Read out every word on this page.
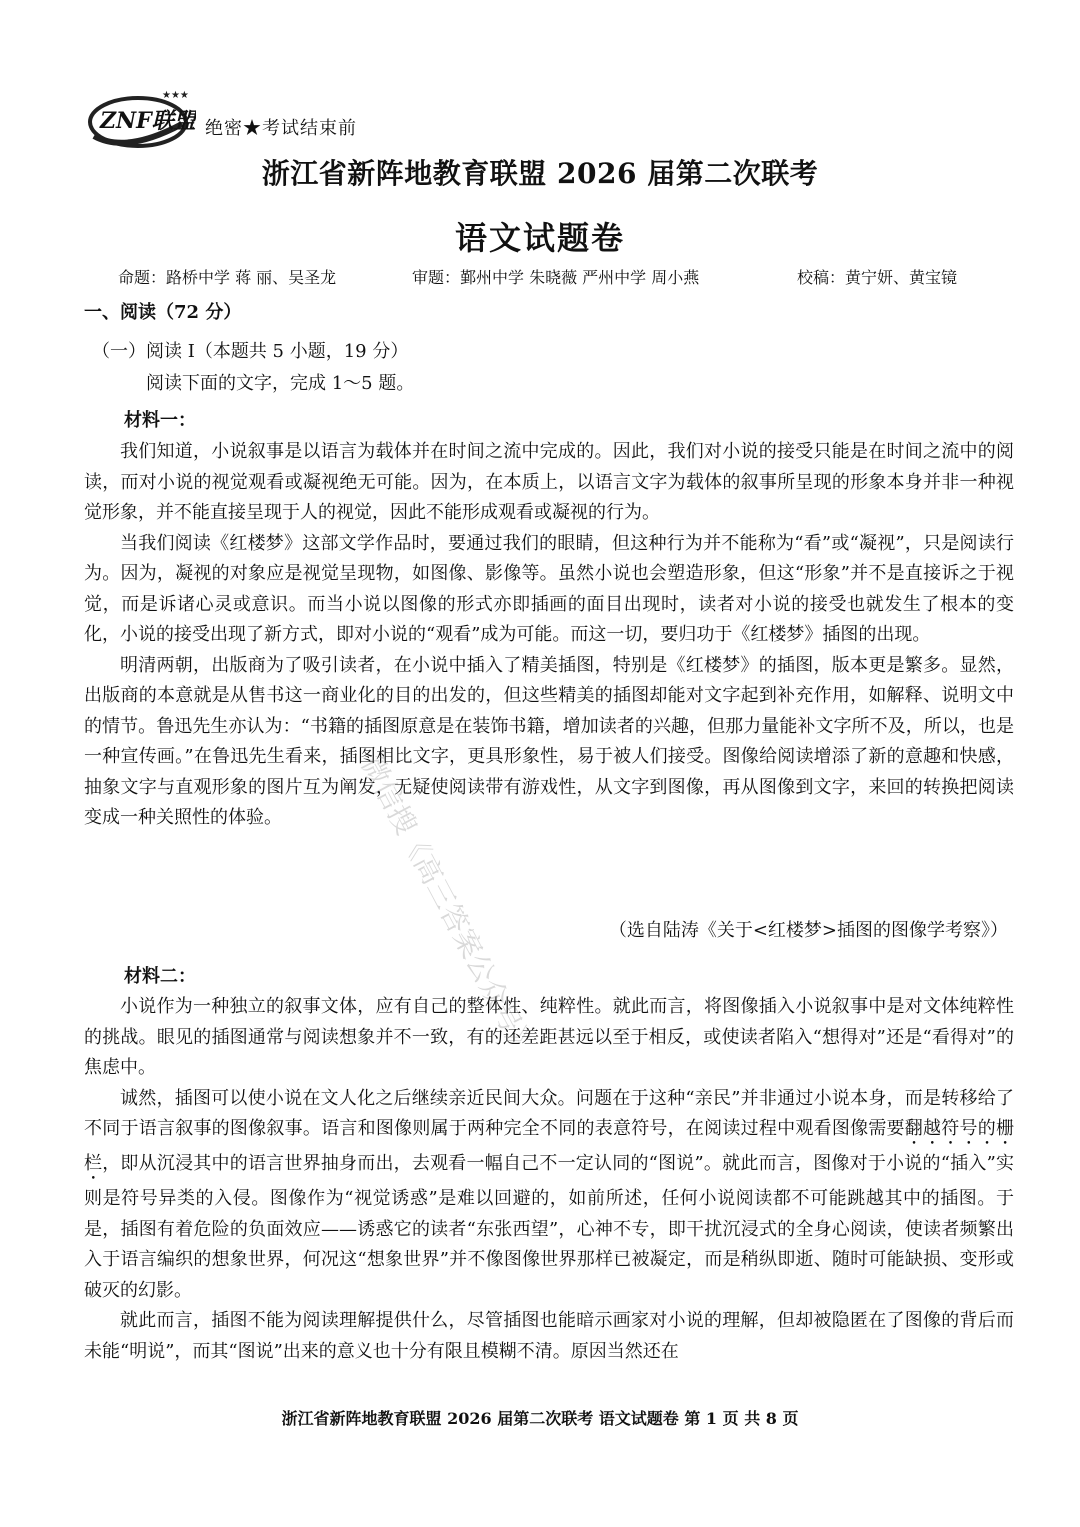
★★★
ZNF联盟 绝密★考试结束前
浙江省新阵地教育联盟 2026 届第二次联考
语文试题卷
命题：路桥中学 蒋 丽、吴圣龙	审题：鄞州中学 朱晓薇 严州中学 周小燕	校稿：黄宁妍、黄宝镜
一、阅读（72 分）
（一）阅读 I（本题共 5 小题，19 分）
阅读下面的文字，完成 1～5 题。
材料一：

我们知道，小说叙事是以语言为载体并在时间之流中完成的。因此，我们对小说的接受只能是在时间之流中的阅读，而对小说的视觉观看或凝视绝无可能。因为，在本质上，以语言文字为载体的叙事所呈现的形象本身并非一种视觉形象，并不能直接呈现于人的视觉，因此不能形成观看或凝视的行为。

当我们阅读《红楼梦》这部文学作品时，要通过我们的眼睛，但这种行为并不能称为“看”或“凝视”，只是阅读行为。因为，凝视的对象应是视觉呈现物，如图像、影像等。虽然小说也会塑造形象，但这“形象”并不是直接诉之于视觉，而是诉诸心灵或意识。而当小说以图像的形式亦即插画的面目出现时，读者对小说的接受也就发生了根本的变化，小说的接受出现了新方式，即对小说的“观看”成为可能。而这一切，要归功于《红楼梦》插图的出现。

明清两朝，出版商为了吸引读者，在小说中插入了精美插图，特别是《红楼梦》的插图，版本更是繁多。显然，出版商的本意就是从售书这一商业化的目的出发的，但这些精美的插图却能对文字起到补充作用，如解释、说明文中的情节。鲁迅先生亦认为：“书籍的插图原意是在装饰书籍，增加读者的兴趣，但那力量能补文字所不及，所以，也是一种宣传画。”在鲁迅先生看来，插图相比文字，更具形象性，易于被人们接受。图像给阅读增添了新的意趣和快感，抽象文字与直观形象的图片互为阐发，无疑使阅读带有游戏性，从文字到图像，再从图像到文字，来回的转换把阅读变成一种关照性的体验。

（选自陆涛《关于<红楼梦>插图的图像学考察》）
材料二：

小说作为一种独立的叙事文体，应有自己的整体性、纯粹性。就此而言，将图像插入小说叙事中是对文体纯粹性的挑战。眼见的插图通常与阅读想象并不一致，有的还差距甚远以至于相反，或使读者陷入“想得对”还是“看得对”的焦虑中。

诚然，插图可以使小说在文人化之后继续亲近民间大众。问题在于这种“亲民”并非通过小说本身，而是转移给了不同于语言叙事的图像叙事。语言和图像则属于两种完全不同的表意符号，在阅读过程中观看图像需要翻越符号的栅栏，即从沉浸其中的语言世界抽身而出，去观看一幅自己不一定认同的“图说”。就此而言，图像对于小说的“插入”实则是符号异类的入侵。图像作为“视觉诱惑”是难以回避的，如前所述，任何小说阅读都不可能跳越其中的插图。于是，插图有着危险的负面效应——诱惑它的读者“东张西望”，心神不专，即干扰沉浸式的全身心阅读，使读者频繁出入于语言编织的想象世界，何况这“想象世界”并不像图像世界那样已被凝定，而是稍纵即逝、随时可能缺损、变形或破灭的幻影。

就此而言，插图不能为阅读理解提供什么，尽管插图也能暗示画家对小说的理解，但却被隐匿在了图像的背后而未能“明说”，而其“图说”出来的意义也十分有限且模糊不清。原因当然还在

微信搜《高三答案公众号》
浙江省新阵地教育联盟 2026 届第二次联考 语文试题卷 第 1 页 共 8 页
